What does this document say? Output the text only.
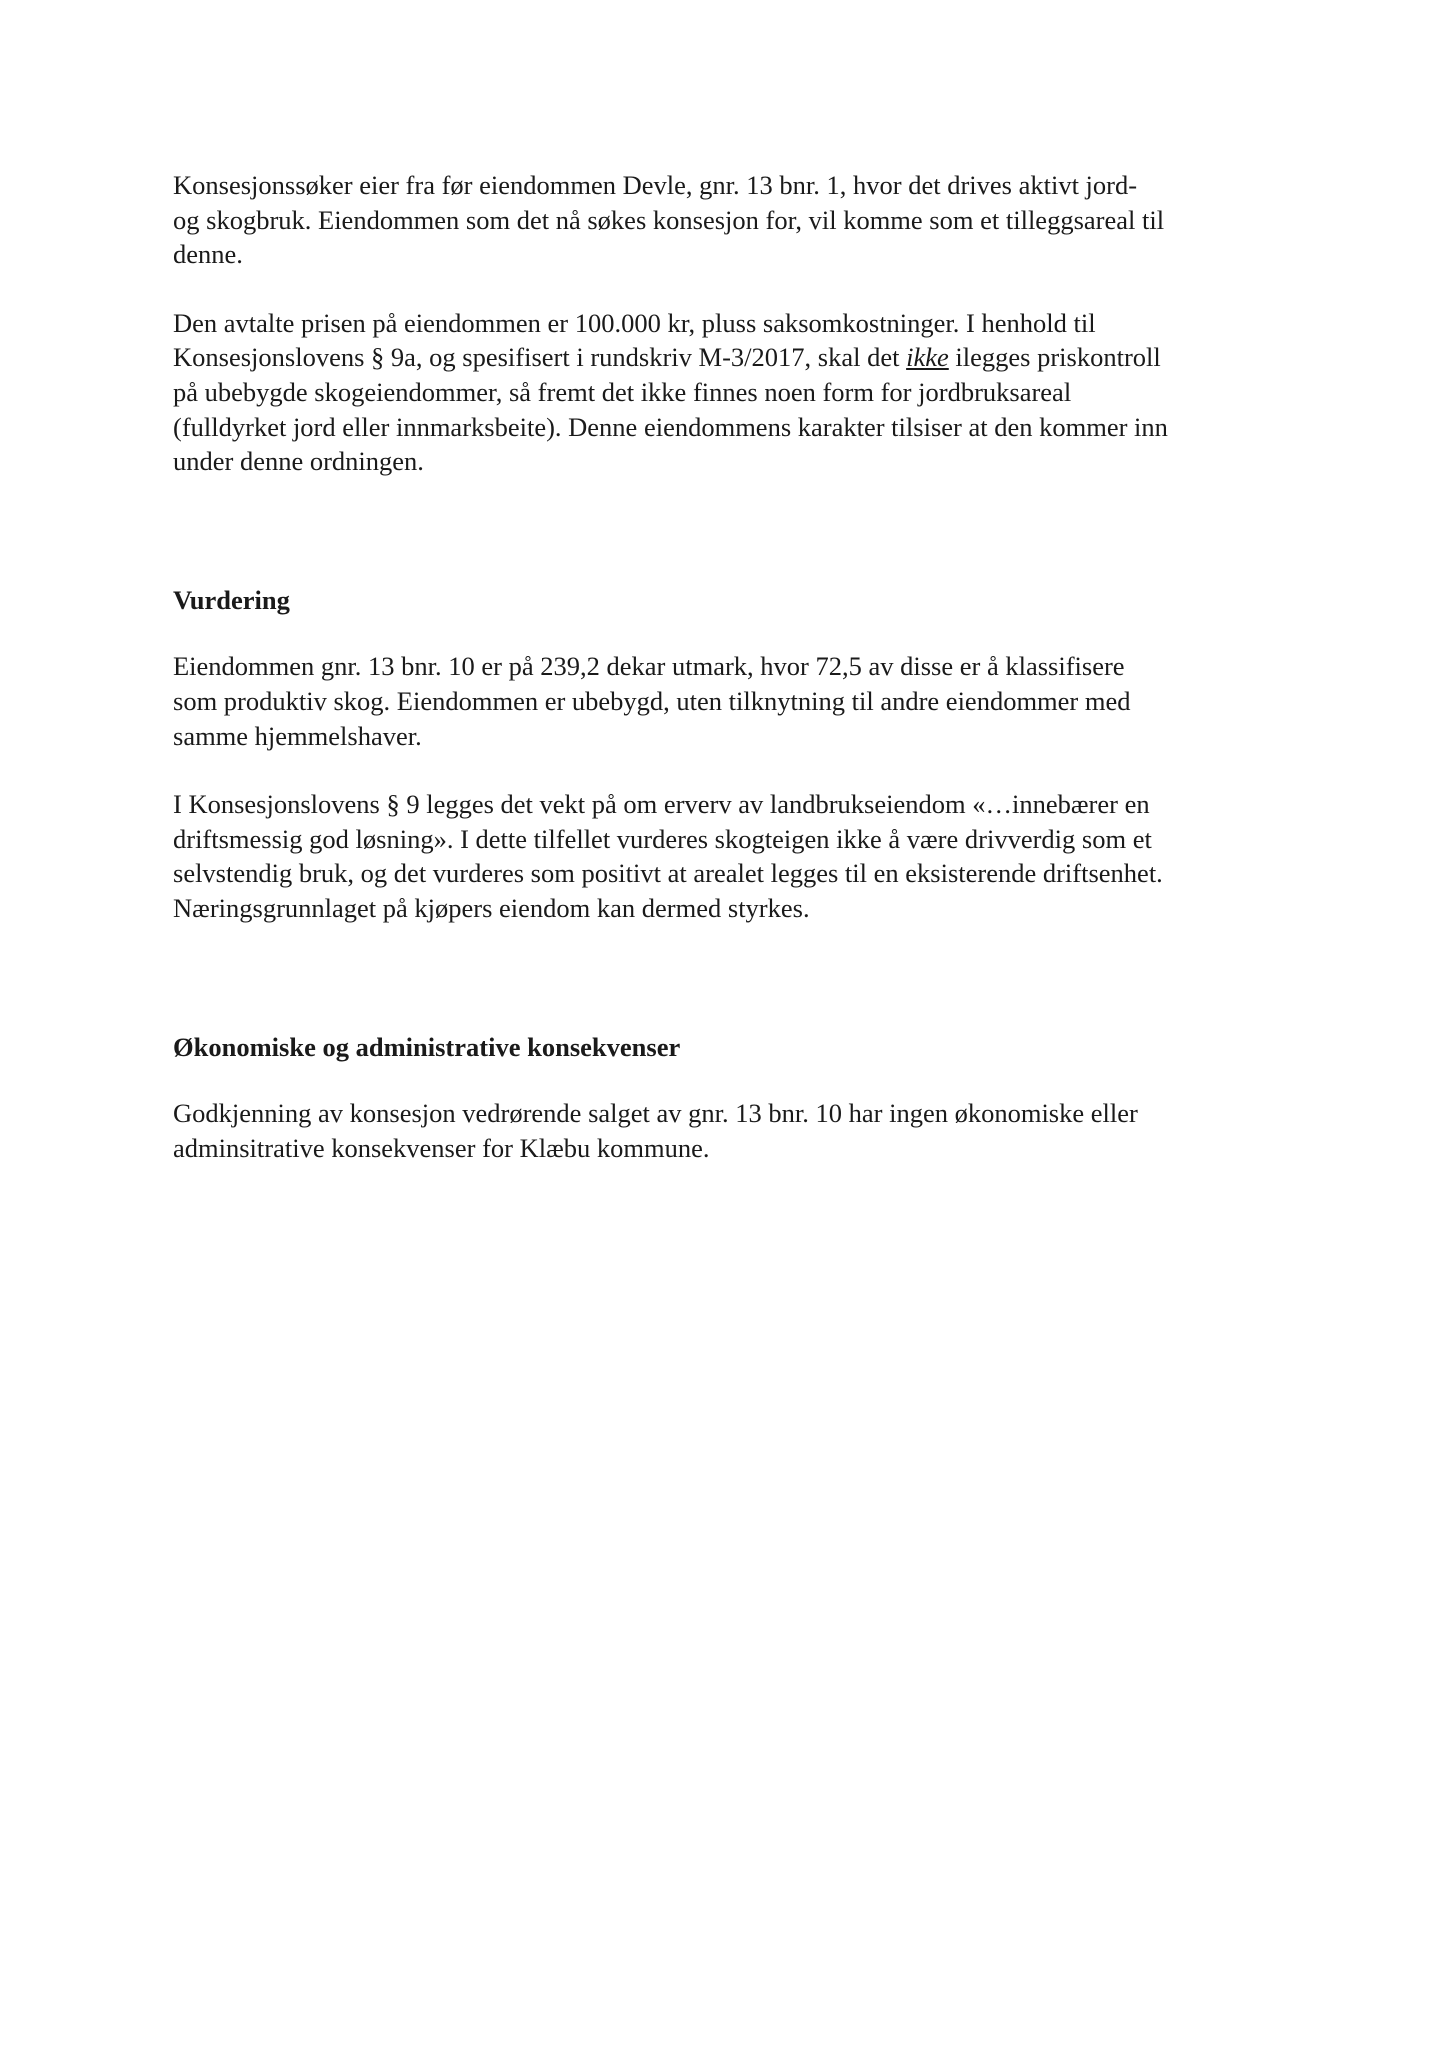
Konsesjonssøker eier fra før eiendommen Devle, gnr. 13 bnr. 1, hvor det drives aktivt jord-
og skogbruk. Eiendommen som det nå søkes konsesjon for, vil komme som et tilleggsareal til
denne.

Den avtalte prisen på eiendommen er 100.000 kr, pluss saksomkostninger. I henhold til
Konsesjonslovens § 9a, og spesifisert i rundskriv M-3/2017, skal det ikke ilegges priskontroll
på ubebygde skogeiendommer, så fremt det ikke finnes noen form for jordbruksareal
(fulldyrket jord eller innmarksbeite). Denne eiendommens karakter tilsiser at den kommer inn
under denne ordningen.

Vurdering

Eiendommen gnr. 13 bnr. 10 er på 239,2 dekar utmark, hvor 72,5 av disse er å klassifisere
som produktiv skog. Eiendommen er ubebygd, uten tilknytning til andre eiendommer med
samme hjemmelshaver.

I Konsesjonslovens § 9 legges det vekt på om erverv av landbrukseiendom «…innebærer en
driftsmessig god løsning». I dette tilfellet vurderes skogteigen ikke å være drivverdig som et
selvstendig bruk, og det vurderes som positivt at arealet legges til en eksisterende driftsenhet.
Næringsgrunnlaget på kjøpers eiendom kan dermed styrkes.

Økonomiske og administrative konsekvenser

Godkjenning av konsesjon vedrørende salget av gnr. 13 bnr. 10 har ingen økonomiske eller
adminsitrative konsekvenser for Klæbu kommune.
